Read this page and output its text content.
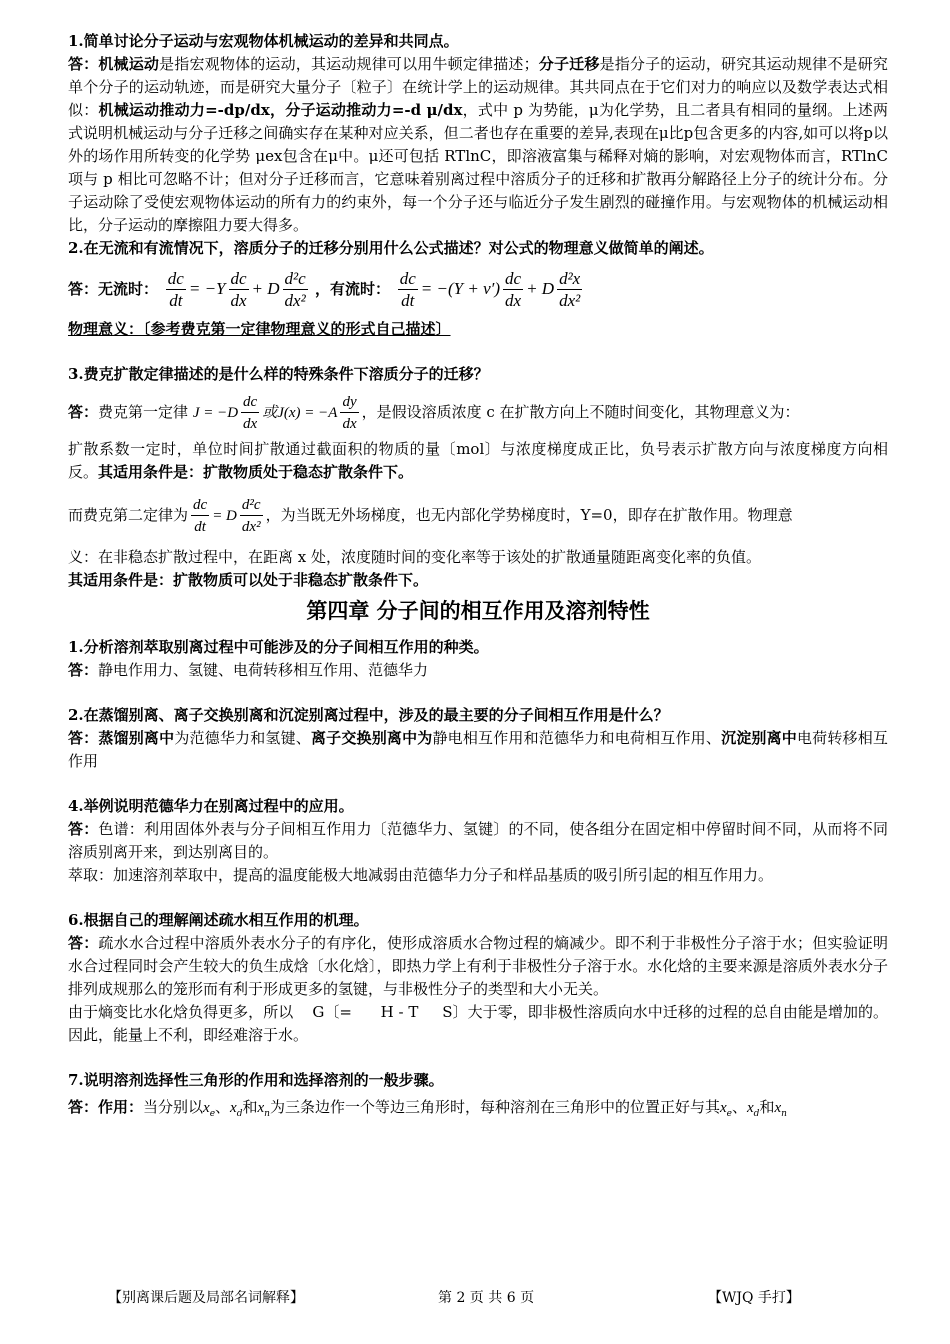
1.简单讨论分子运动与宏观物体机械运动的差异和共同点。

答：机械运动是指宏观物体的运动，其运动规律可以用牛顿定律描述；分子迁移是指分子的运动，研究其运动规律不是研究单个分子的运动轨迹，而是研究大量分子〔粒子〕在统计学上的运动规律。其共同点在于它们对力的响应以及数学表达式相似：机械运动推动力=-dp/dx，分子运动推动力=-d μ/dx，式中 p 为势能，μ为化学势，且二者具有相同的量纲。上述两式说明机械运动与分子迁移之间确实存在某种对应关系，但二者也存在重要的差异,表现在μ比p包含更多的内容,如可以将p以外的场作用所转变的化学势 μex包含在μ中。μ还可包括 RTlnC，即溶液富集与稀释对熵的影响，对宏观物体而言，RTlnC 项与 p 相比可忽略不计；但对分子迁移而言，它意味着别离过程中溶质分子的迁移和扩散再分解路径上分子的统计分布。分子运动除了受使宏观物体运动的所有力的约束外，每一个分子还与临近分子发生剧烈的碰撞作用。与宏观物体的机械运动相比，分子运动的摩擦阻力要大得多。

2.在无流和有流情况下，溶质分子的迁移分别用什么公式描述？对公式的物理意义做简单的阐述。

答：无流时： $\frac{dc}{dt} = -Y \frac{dc}{dx} + D \frac{\text{d²c}}{\text{dx²}}$ ，有流时： $\frac{dc}{dt} = -(Y + v') \frac{dc}{dx} + D \frac{\text{d²x}}{\text{dx²}}$

物理意义：〔参考费克第一定律物理意义的形式自己描述〕

3.费克扩散定律描述的是什么样的特殊条件下溶质分子的迁移？

答：费克第一定律 $J = -D \frac{dc}{dx}$ 或$J(x) = -A \frac{dy}{dx}$ ，是假设溶质浓度 c 在扩散方向上不随时间变化，其物理意义为：

扩散系数一定时，单位时间扩散通过截面积的物质的量〔mol〕与浓度梯度成正比，负号表示扩散方向与浓度梯度方向相反。其适用条件是：扩散物质处于稳态扩散条件下。

而费克第二定律为 $\frac{dc}{dt} = D \frac{\text{d²c}}{\text{dx²}}$ ，为当既无外场梯度，也无内部化学势梯度时，Y=0，即存在扩散作用。物理意

义：在非稳态扩散过程中，在距离 x 处，浓度随时间的变化率等于该处的扩散通量随距离变化率的负值。

其适用条件是：扩散物质可以处于非稳态扩散条件下。

第四章 分子间的相互作用及溶剂特性

1.分析溶剂萃取别离过程中可能涉及的分子间相互作用的种类。

答：静电作用力、氢键、电荷转移相互作用、范德华力

2.在蒸馏别离、离子交换别离和沉淀别离过程中，涉及的最主要的分子间相互作用是什么？

答：蒸馏别离中为范德华力和氢键、离子交换别离中为静电相互作用和范德华力和电荷相互作用、沉淀别离中电荷转移相互作用

4.举例说明范德华力在别离过程中的应用。

答：色谱：利用固体外表与分子间相互作用力〔范德华力、氢键〕的不同，使各组分在固定相中停留时间不同，从而将不同溶质别离开来，到达别离目的。

萃取：加速溶剂萃取中，提高的温度能极大地减弱由范德华力分子和样品基质的吸引所引起的相互作用力。

6.根据自己的理解阐述疏水相互作用的机理。

答：疏水水合过程中溶质外表水分子的有序化，使形成溶质水合物过程的熵减少。即不利于非极性分子溶于水；但实验证明水合过程同时会产生较大的负生成焓〔水化焓〕，即热力学上有利于非极性分子溶于水。水化焓的主要来源是溶质外表水分子排列成规那么的笼形而有利于形成更多的氢键，与非极性分子的类型和大小无关。

由于熵变比水化焓负得更多，所以    G〔=      H - T     S〕大于零，即非极性溶质向水中迁移的过程的总自由能是增加的。因此，能量上不利，即经难溶于水。

7.说明溶剂选择性三角形的作用和选择溶剂的一般步骤。

答：作用：当分别以$x_e$、$x_d$和$x_n$为三条边作一个等边三角形时，每种溶剂在三角形中的位置正好与其$x_e$、$x_d$和$x_n$

【别离课后题及局部名词解释】	第 2 页 共 6 页	【WJQ 手打】
